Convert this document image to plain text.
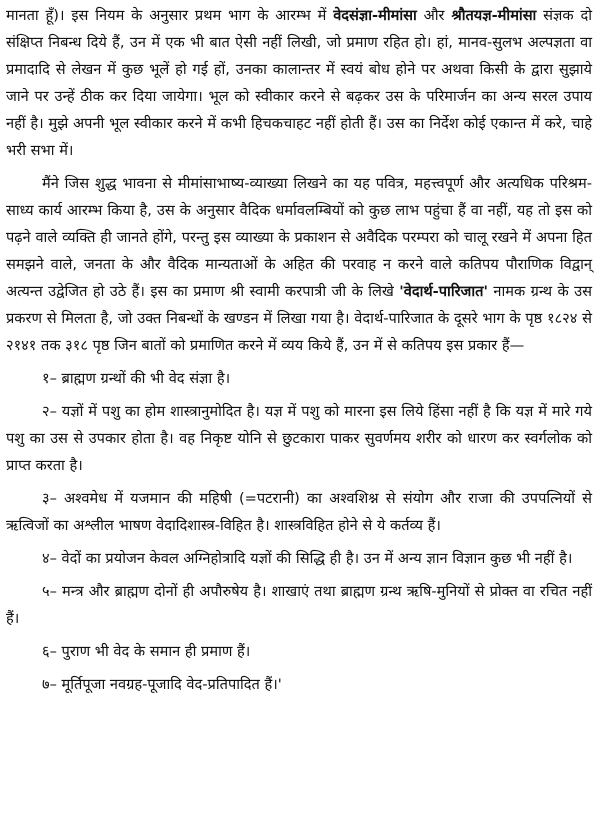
मानता हूँ)। इस नियम के अनुसार प्रथम भाग के आरम्भ में वेदसंज्ञा-मीमांसा और श्रौतयज्ञ-मीमांसा संज्ञक दो संक्षिप्त निबन्ध दिये हैं, उन में एक भी बात ऐसी नहीं लिखी, जो प्रमाण रहित हो। हां, मानव-सुलभ अल्पज्ञता वा प्रमादादि से लेखन में कुछ भूलें हो गई हों, उनका कालान्तर में स्वयं बोध होने पर अथवा किसी के द्वारा सुझाये जाने पर उन्हें ठीक कर दिया जायेगा। भूल को स्वीकार करने से बढ़कर उस के परिमार्जन का अन्य सरल उपाय नहीं है। मुझे अपनी भूल स्वीकार करने में कभी हिचकचाहट नहीं होती हैं। उस का निर्देश कोई एकान्त में करे, चाहे भरी सभा में।

मैंने जिस शुद्ध भावना से मीमांसाभाष्य-व्याख्या लिखने का यह पवित्र, महत्त्वपूर्ण और अत्यधिक परिश्रम-साध्य कार्य आरम्भ किया है, उस के अनुसार वैदिक धर्मावलम्बियों को कुछ लाभ पहुंचा हैं वा नहीं, यह तो इस को पढ़ने वाले व्यक्ति ही जानते होंगे, परन्तु इस व्याख्या के प्रकाशन से अवैदिक परम्परा को चालू रखने में अपना हित समझने वाले, जनता के और वैदिक मान्यताओं के अहित की परवाह न करने वाले कतिपय पौराणिक विद्वान् अत्यन्त उद्वेजित हो उठे हैं। इस का प्रमाण श्री स्वामी करपात्री जी के लिखे 'वेदार्थ-पारिजात' नामक ग्रन्थ के उस प्रकरण से मिलता है, जो उक्त निबन्धों के खण्डन में लिखा गया है। वेदार्थ-पारिजात के दूसरे भाग के पृष्ठ १८२४ से २१४१ तक ३१८ पृष्ठ जिन बातों को प्रमाणित करने में व्यय किये हैं, उन में से कतिपय इस प्रकार हैं—

१– ब्राह्मण ग्रन्थों की भी वेद संज्ञा है।

२– यज्ञों में पशु का होम शास्त्रानुमोदित है। यज्ञ में पशु को मारना इस लिये हिंसा नहीं है कि यज्ञ में मारे गये पशु का उस से उपकार होता है। वह निकृष्ट योनि से छुटकारा पाकर सुवर्णमय शरीर को धारण कर स्वर्गलोक को प्राप्त करता है।

३– अश्वमेध में यजमान की महिषी (=पटरानी) का अश्वशिश्न से संयोग और राजा की उपपत्नियों से ऋत्विजों का अश्लील भाषण वेदादिशास्त्र-विहित है। शास्त्रविहित होने से ये कर्तव्य हैं।

४– वेदों का प्रयोजन केवल अग्निहोत्रादि यज्ञों की सिद्धि ही है। उन में अन्य ज्ञान विज्ञान कुछ भी नहीं है।

५– मन्त्र और ब्राह्मण दोनों ही अपौरुषेय है। शाखाएं तथा ब्राह्मण ग्रन्थ ऋषि-मुनियों से प्रोक्त वा रचित नहीं हैं।

६– पुराण भी वेद के समान ही प्रमाण हैं।

७– मूर्तिपूजा नवग्रह-पूजादि वेद-प्रतिपादित हैं।'
